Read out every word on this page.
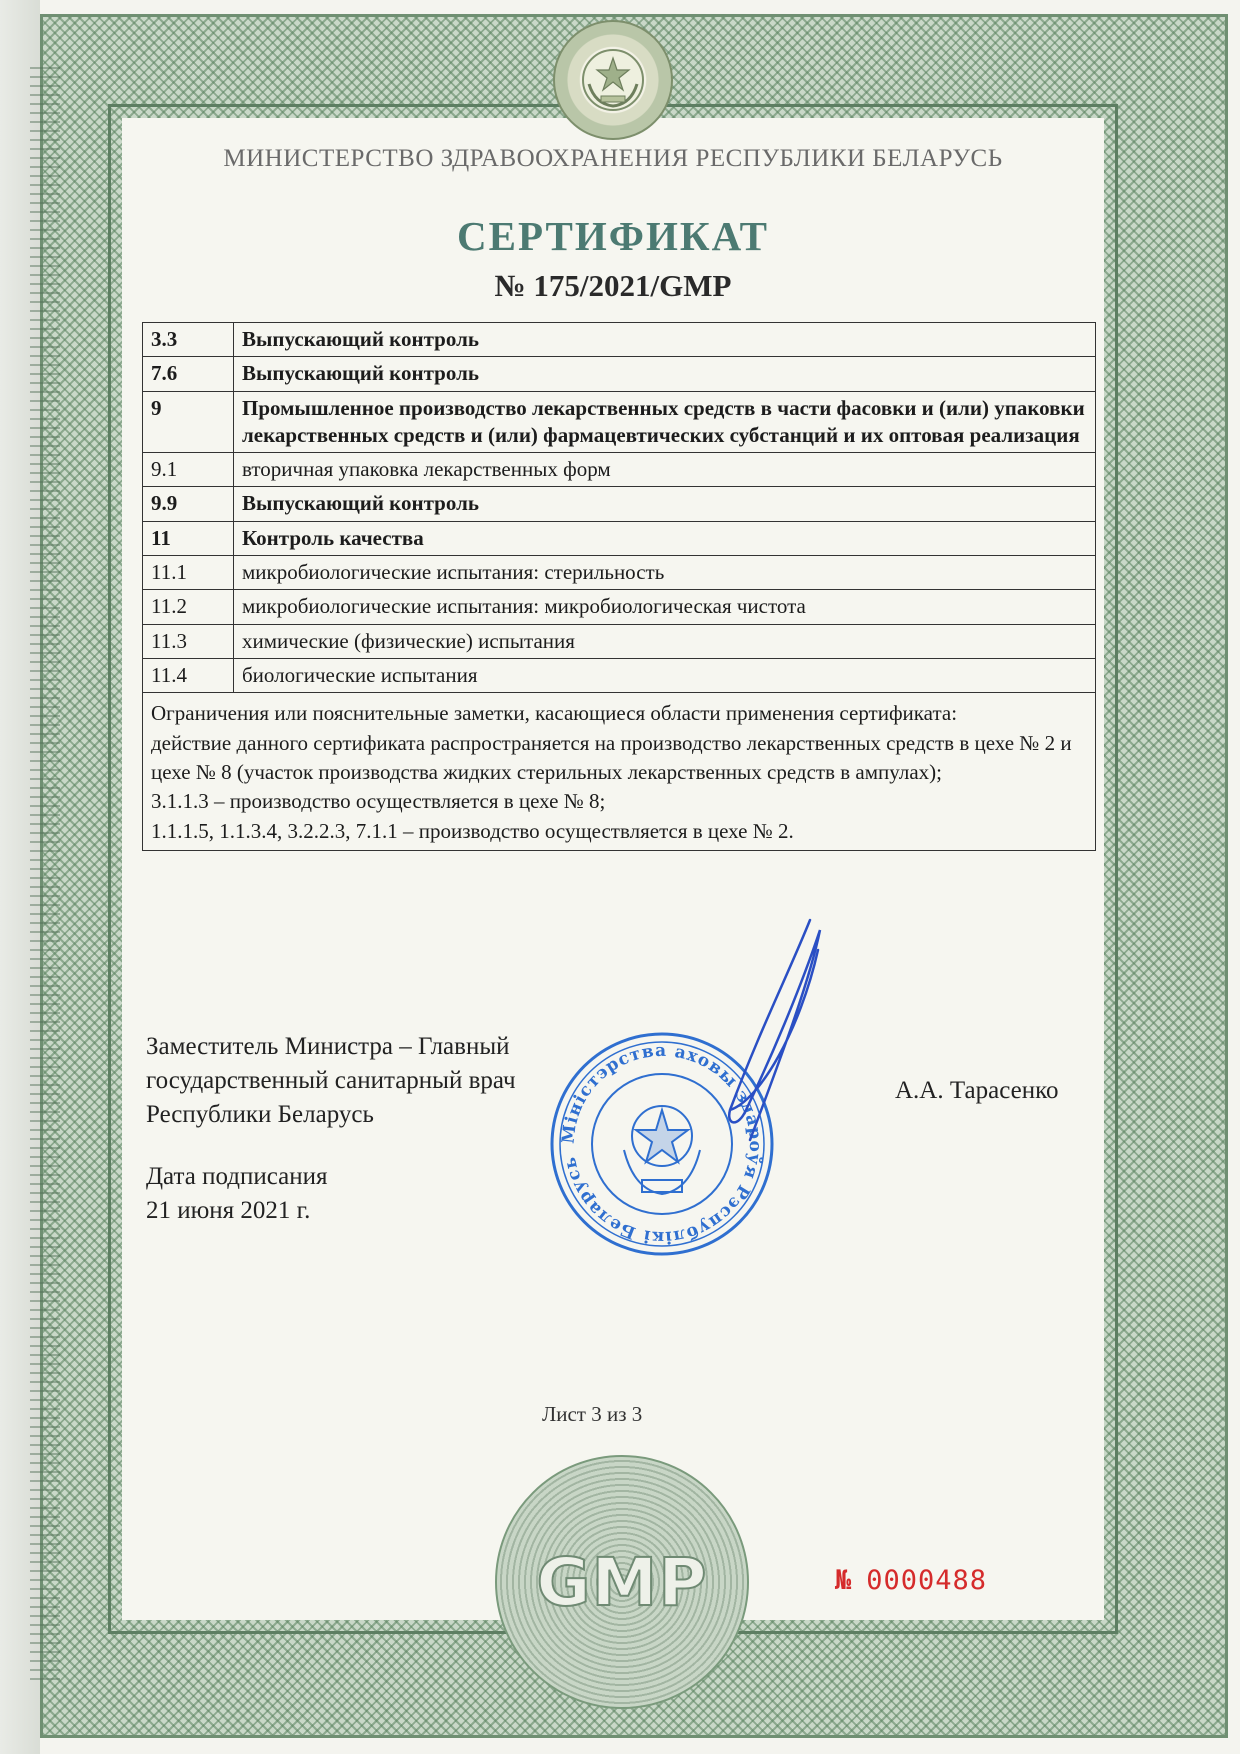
МИНИСТЕРСТВО ЗДРАВООХРАНЕНИЯ РЕСПУБЛИКИ БЕЛАРУСЬ
СЕРТИФИКАТ
№ 175/2021/GMP
3.3	Выпускающий контроль
7.6	Выпускающий контроль
9	Промышленное производство лекарственных средств в части фасовки и (или) упаковки лекарственных средств и (или) фармацевтических субстанций и их оптовая реализация
9.1	вторичная упаковка лекарственных форм
9.9	Выпускающий контроль
11	Контроль качества
11.1	микробиологические испытания: стерильность
11.2	микробиологические испытания: микробиологическая чистота
11.3	химические (физические) испытания
11.4	биологические испытания

Ограничения или пояснительные заметки, касающиеся области применения сертификата:
действие данного сертификата распространяется на производство лекарственных средств в цехе № 2 и цехе № 8 (участок производства жидких стерильных лекарственных средств в ампулах);
3.1.1.3 – производство осуществляется в цехе № 8;
1.1.1.5, 1.1.3.4, 3.2.2.3, 7.1.1 – производство осуществляется в цехе № 2.	
Заместитель Министра – Главный
государственный санитарный врач
Республики Беларусь
Міністэрства аховы здароўя Рэспублікі Беларусь
А.А. Тарасенко
Дата подписания
21 июня 2021 г.
Лист 3 из 3
GMP	№ 0000488
